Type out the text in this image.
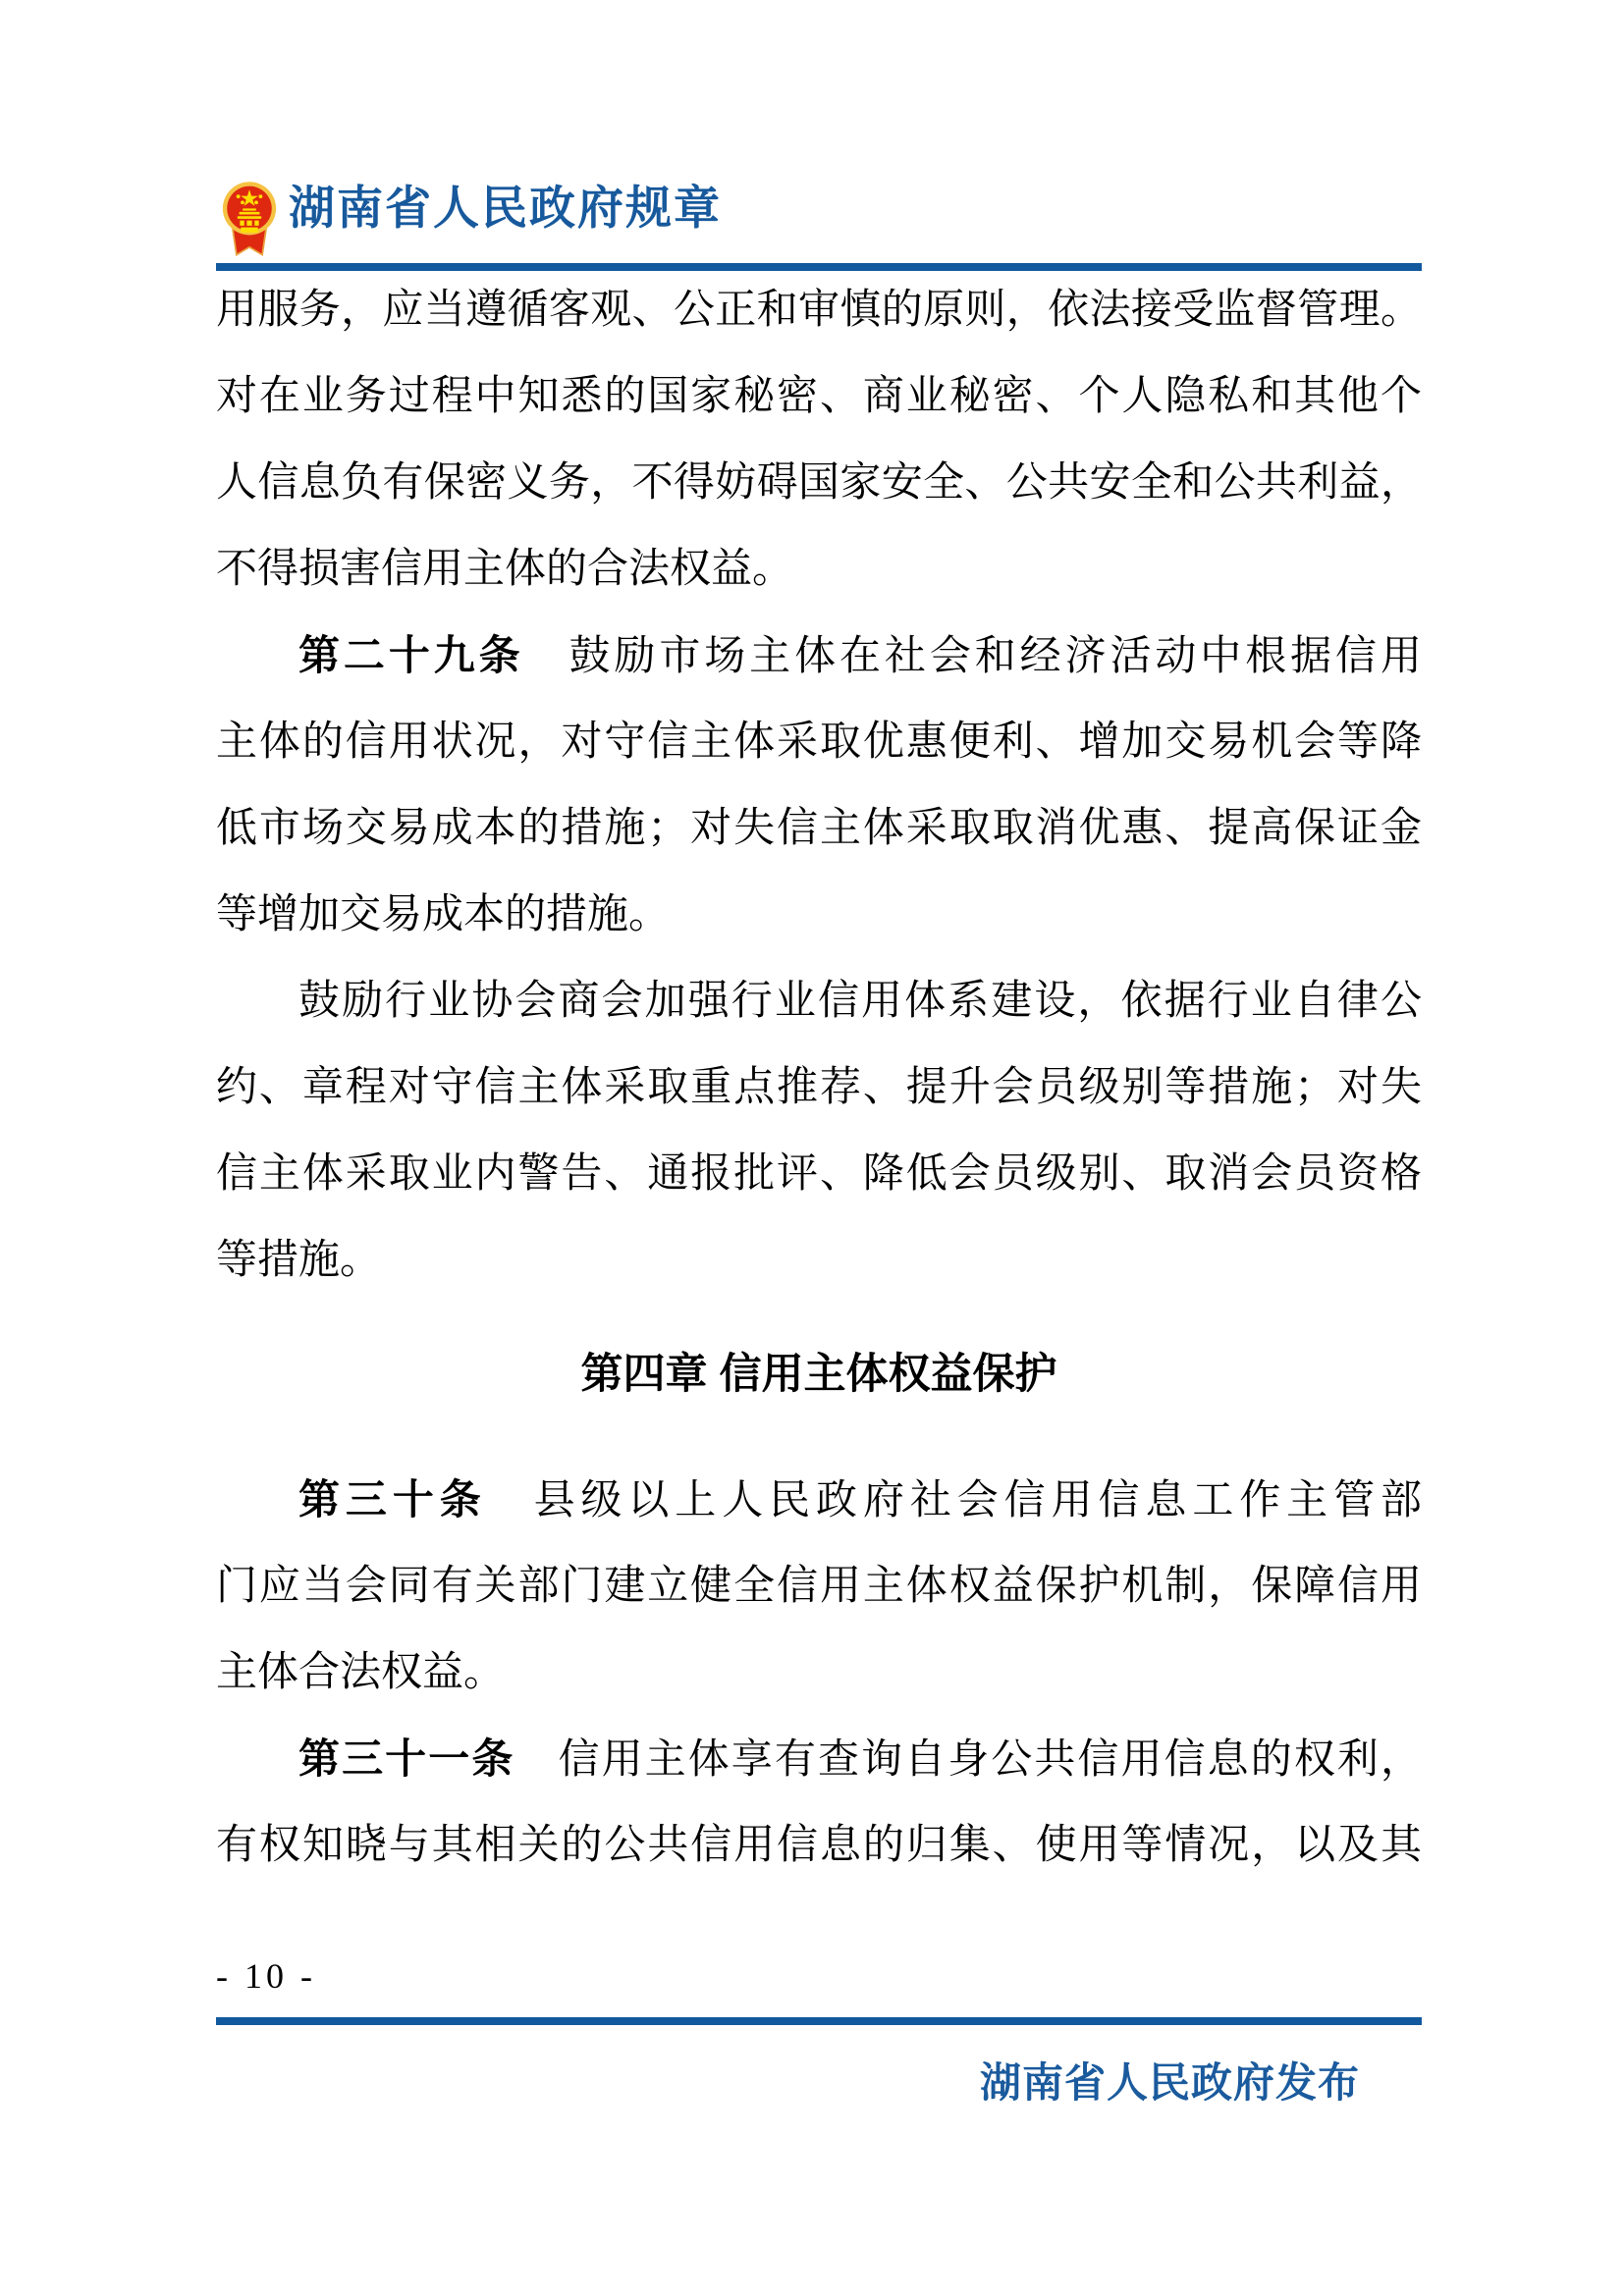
湖南省人民政府规章
用服务，应当遵循客观、公正和审慎的原则，依法接受监督管理。
对在业务过程中知悉的国家秘密、商业秘密、个人隐私和其他个
人信息负有保密义务，不得妨碍国家安全、公共安全和公共利益，
不得损害信用主体的合法权益。
第二十九条　鼓励市场主体在社会和经济活动中根据信用
主体的信用状况，对守信主体采取优惠便利、增加交易机会等降
低市场交易成本的措施；对失信主体采取取消优惠、提高保证金
等增加交易成本的措施。
鼓励行业协会商会加强行业信用体系建设，依据行业自律公
约、章程对守信主体采取重点推荐、提升会员级别等措施；对失
信主体采取业内警告、通报批评、降低会员级别、取消会员资格
等措施。
第四章 信用主体权益保护
第三十条　县级以上人民政府社会信用信息工作主管部
门应当会同有关部门建立健全信用主体权益保护机制，保障信用
主体合法权益。
第三十一条　信用主体享有查询自身公共信用信息的权利，
有权知晓与其相关的公共信用信息的归集、使用等情况，以及其
- 10 -
湖南省人民政府发布
